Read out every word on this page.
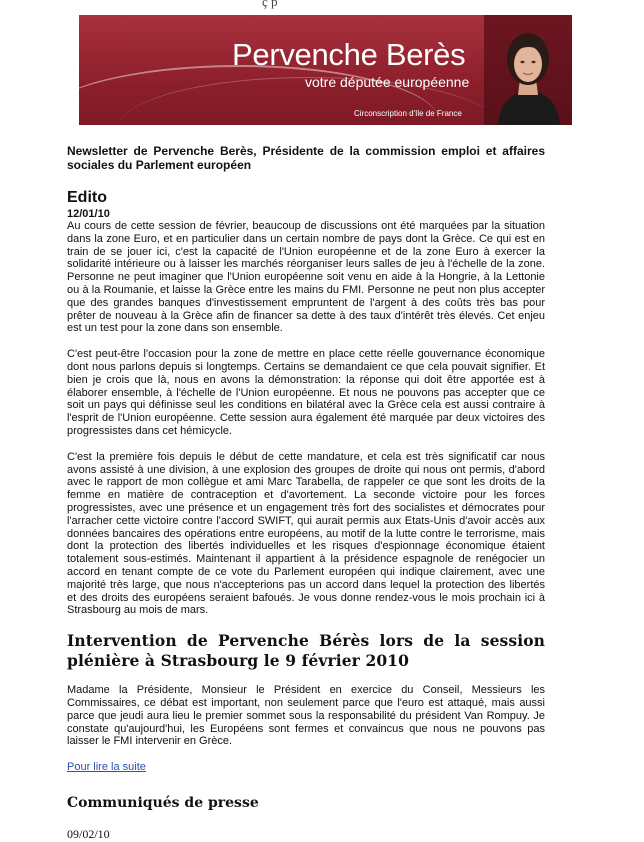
ç p
Pervenche Berès
votre députée européenne
Circonscription d'Ile de France

Newsletter de Pervenche Berès, Présidente de la commission emploi et affaires sociales du Parlement européen

Edito
12/01/10

Au cours de cette session de février, beaucoup de discussions ont été marquées par la situation dans la zone Euro, et en particulier dans un certain nombre de pays dont la Grèce. Ce qui est en train de se jouer ici, c'est la capacité de l'Union européenne et de la zone Euro à exercer la solidarité intérieure ou à laisser les marchés réorganiser leurs salles de jeu à l'échelle de la zone. Personne ne peut imaginer que l'Union européenne soit venu en aide à la Hongrie, à la Lettonie ou à la Roumanie, et laisse la Grèce entre les mains du FMI. Personne ne peut non plus accepter que des grandes banques d'investissement empruntent de l'argent à des coûts très bas pour prêter de nouveau à la Grèce afin de financer sa dette à des taux d'intérêt très élevés. Cet enjeu est un test pour la zone dans son ensemble.

C'est peut-être l'occasion pour la zone de mettre en place cette réelle gouvernance économique dont nous parlons depuis si longtemps. Certains se demandaient ce que cela pouvait signifier. Et bien je crois que là, nous en avons la démonstration: la réponse qui doit être apportée est à élaborer ensemble, à l'échelle de l'Union européenne. Et nous ne pouvons pas accepter que ce soit un pays qui définisse seul les conditions en bilatéral avec la Grèce cela est aussi contraire à l'esprit de l'Union européenne. Cette session aura également été marquée par deux victoires des progressistes dans cet hémicycle.

C'est la première fois depuis le début de cette mandature, et cela est très significatif car nous avons assisté à une division, à une explosion des groupes de droite qui nous ont permis, d'abord avec le rapport de mon collègue et ami Marc Tarabella, de rappeler ce que sont les droits de la femme en matière de contraception et d'avortement. La seconde victoire pour les forces progressistes, avec une présence et un engagement très fort des socialistes et démocrates pour l'arracher cette victoire contre l'accord SWIFT, qui aurait permis aux Etats-Unis d'avoir accès aux données bancaires des opérations entre européens, au motif de la lutte contre le terrorisme, mais dont la protection des libertés individuelles et les risques d'espionnage économique étaient totalement sous-estimés. Maintenant il appartient à la présidence espagnole de renégocier un accord en tenant compte de ce vote du Parlement européen qui indique clairement, avec une majorité très large, que nous n'accepterions pas un accord dans lequel la protection des libertés et des droits des européens seraient bafoués. Je vous donne rendez-vous le mois prochain ici à Strasbourg au mois de mars.

Intervention de Pervenche Bérès lors de la session plénière à Strasbourg le 9 février 2010

Madame la Présidente, Monsieur le Président en exercice du Conseil, Messieurs les Commissaires, ce débat est important, non seulement parce que l'euro est attaqué, mais aussi parce que jeudi aura lieu le premier sommet sous la responsabilité du président Van Rompuy. Je constate qu'aujourd'hui, les Européens sont fermes et convaincus que nous ne pouvons pas laisser le FMI intervenir en Grèce.

Pour lire la suite
Communiqués de presse
09/02/10
